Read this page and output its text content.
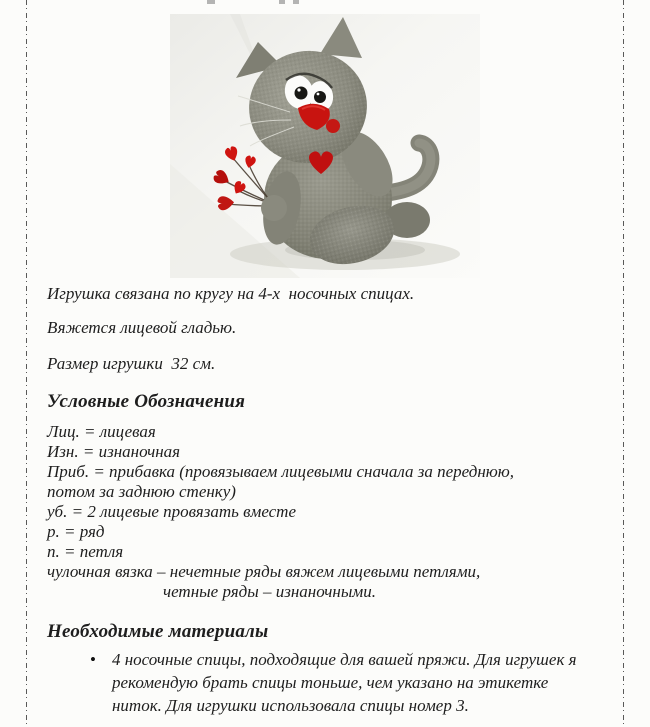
Игрушка связана по кругу на 4-х  носочных спицах.
Вяжется лицевой гладью.
Размер игрушки  32 см.
Условные Обозначения
Лиц. = лицевая
Изн. = изнаночная
Приб. = прибавка (провязываем лицевыми сначала за переднюю, потом за заднюю стенку)
уб. = 2 лицевые провязать вместе
р. = ряд
п. = петля
чулочная вязка – нечетные ряды вяжем лицевыми петлями,
четные ряды – изнаночными.
Необходимые материалы
• 4 носочные спицы, подходящие для вашей пряжи. Для игрушек я рекомендую брать спицы тоньше, чем указано на этикетке ниток. Для игрушки использовала спицы номер 3.
